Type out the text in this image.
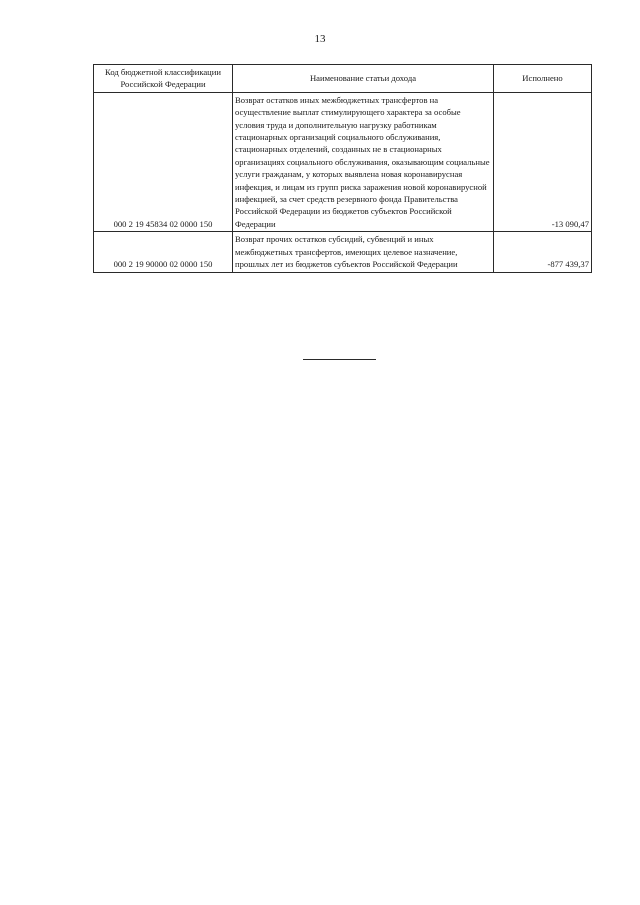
13
Код бюджетной классификации Российской Федерации	Наименование статьи дохода	Исполнено
000 2 19 45834 02 0000 150	Возврат остатков иных межбюджетных трансфертов на осуществление выплат стимулирующего характера за особые условия труда и дополнительную нагрузку работникам стационарных организаций социального обслуживания, стационарных отделений, созданных не в стационарных организациях социального обслуживания, оказывающим социальные услуги гражданам, у которых выявлена новая коронавирусная инфекция, и лицам из групп риска заражения новой коронавирусной инфекцией, за счет средств резервного фонда Правительства Российской Федерации из бюджетов субъектов Российской Федерации	-13 090,47
000 2 19 90000 02 0000 150	Возврат прочих остатков субсидий, субвенций и иных межбюджетных трансфертов, имеющих целевое назначение, прошлых лет из бюджетов субъектов Российской Федерации	-877 439,37
